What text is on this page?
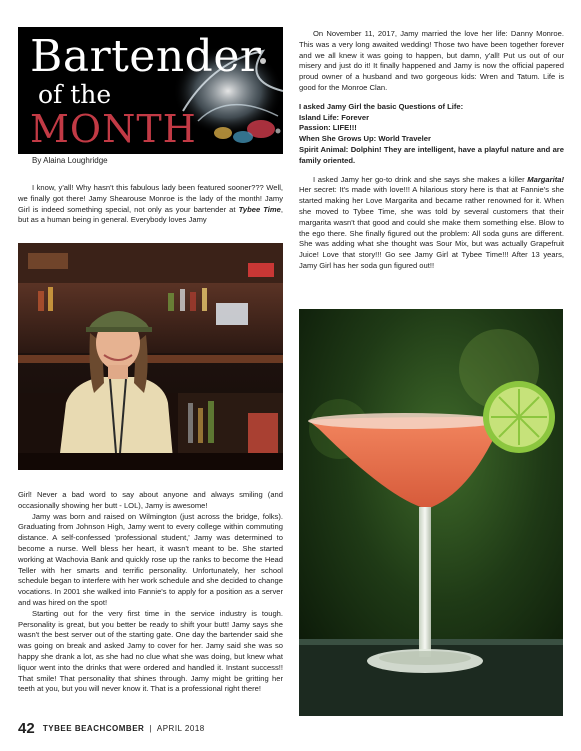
Bartender
of the
MONTH
By Alaina Loughridge

I know, y'all! Why hasn't this fabulous lady been featured sooner??? Well, we finally got there! Jamy Shearouse Monroe is the lady of the month! Jamy Girl is indeed something special, not only as your bartender at Tybee Time, but as a human being in general. Everybody loves Jamy

Girl! Never a bad word to say about anyone and always smiling (and occasionally showing her butt - LOL), Jamy is awesome!

Jamy was born and raised on Wilmington (just across the bridge, folks). Graduating from Johnson High, Jamy went to every college within commuting distance. A self-confessed 'professional student,' Jamy was determined to become a nurse. Well bless her heart, it wasn't meant to be. She started working at Wachovia Bank and quickly rose up the ranks to become the Head Teller with her smarts and terrific personality. Unfortunately, her school schedule began to interfere with her work schedule and she decided to change vocations. In 2001 she walked into Fannie's to apply for a position as a server and was hired on the spot!

Starting out for the very first time in the service industry is tough. Personality is great, but you better be ready to shift your butt! Jamy says she wasn't the best server out of the starting gate. One day the bartender said she was going on break and asked Jamy to cover for her. Jamy said she was so happy she drank a lot, as she had no clue what she was doing, but knew what liquor went into the drinks that were ordered and handled it. Instant success!! That smile! That personality that shines through. Jamy might be gritting her teeth at you, but you will never know it. That is a professional right there!

On November 11, 2017, Jamy married the love her life: Danny Monroe. This was a very long awaited wedding! Those two have been together forever and we all knew it was going to happen, but damn, y'all! Put us out of our misery and just do it! It finally happened and Jamy is now the official papered proud owner of a husband and two gorgeous kids: Wren and Tatum. Life is good for the Monroe Clan.

I asked Jamy Girl the basic Questions of Life:
Island Life: Forever
Passion: LIFE!!!
When She Grows Up: World Traveler
Spirit Animal: Dolphin! They are intelligent, have a playful nature and are family oriented.

I asked Jamy her go-to drink and she says she makes a killer Margarita! Her secret: It's made with love!!! A hilarious story here is that at Fannie's she started making her Love Margarita and became rather renowned for it. When she moved to Tybee Time, she was told by several customers that their margarita wasn't that good and could she make them something else. Blow to the ego there. She finally figured out the problem: All soda guns are different. She was adding what she thought was Sour Mix, but was actually Grapefruit Juice! Love that story!!! Go see Jamy Girl at Tybee Time!!! After 13 years, Jamy Girl has her soda gun figured out!!

42 TYBEE BEACHCOMBER | APRIL 2018
